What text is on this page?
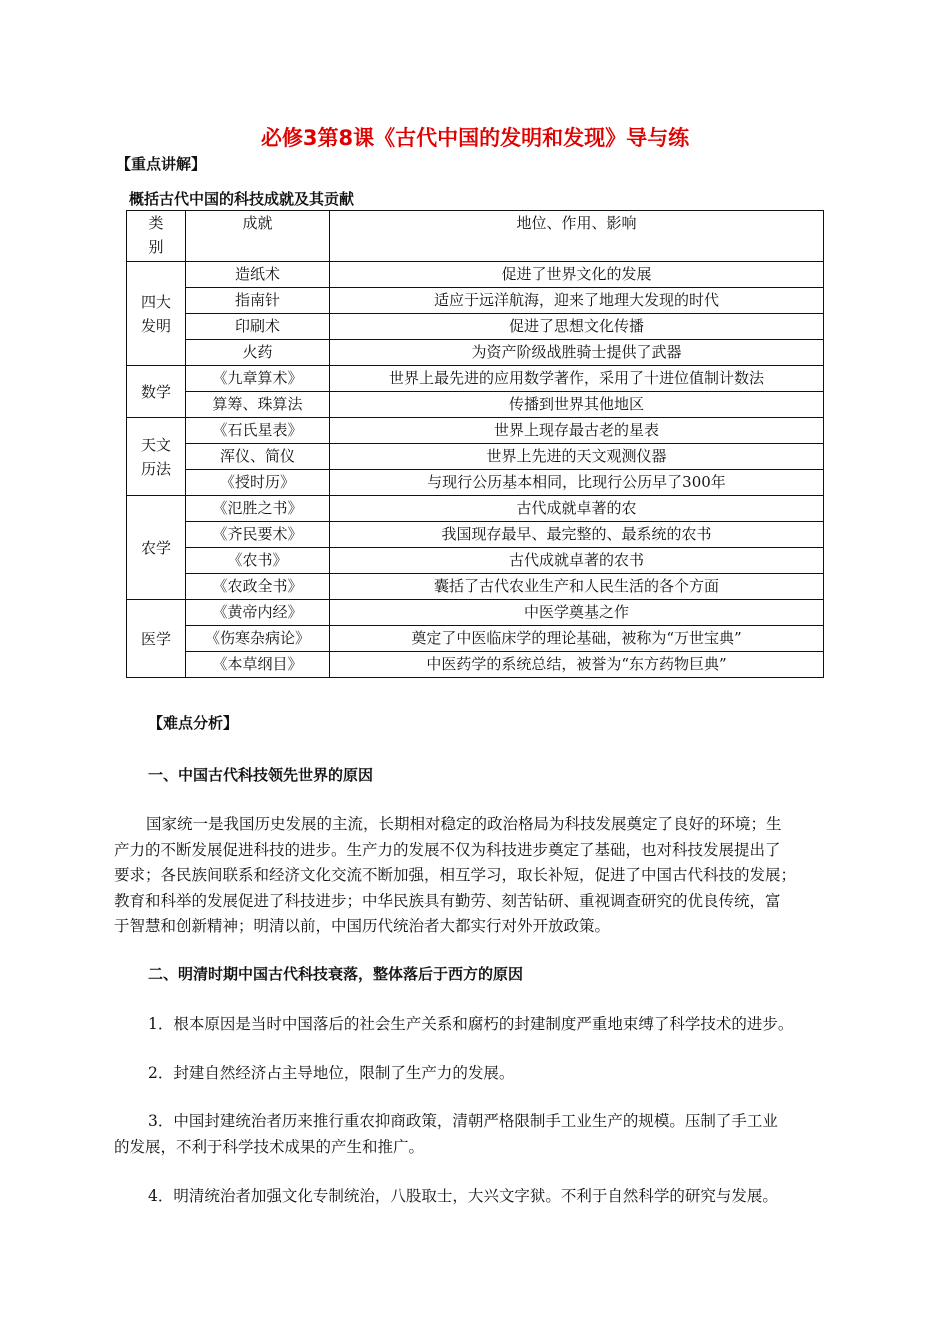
必修3第8课《古代中国的发明和发现》导与练
【重点讲解】
概括古代中国的科技成就及其贡献
类
别	成就	地位、作用、影响

四大
发明	造纸术	促进了世界文化的发展
	指南针	适应于远洋航海，迎来了地理大发现的时代
	印刷术	促进了思想文化传播
	火药	为资产阶级战胜骑士提供了武器

数学	《九章算术》	世界上最先进的应用数学著作，采用了十进位值制计数法
	算筹、珠算法	传播到世界其他地区

天文
历法	《石氏星表》	世界上现存最古老的星表
	浑仪、简仪	世界上先进的天文观测仪器
	《授时历》	与现行公历基本相同，比现行公历早了300年

农学	《氾胜之书》	古代成就卓著的农
	《齐民要术》	我国现存最早、最完整的、最系统的农书
	《农书》	古代成就卓著的农书
	《农政全书》	囊括了古代农业生产和人民生活的各个方面

医学	《黄帝内经》	中医学奠基之作
	《伤寒杂病论》	奠定了中医临床学的理论基础，被称为“万世宝典”
	《本草纲目》	中医药学的系统总结，被誉为“东方药物巨典”
【难点分析】
一、中国古代科技领先世界的原因
国家统一是我国历史发展的主流，长期相对稳定的政治格局为科技发展奠定了良好的环境；生
产力的不断发展促进科技的进步。生产力的发展不仅为科技进步奠定了基础，也对科技发展提出了
要求；各民族间联系和经济文化交流不断加强，相互学习，取长补短，促进了中国古代科技的发展；
教育和科举的发展促进了科技进步；中华民族具有勤劳、刻苦钻研、重视调查研究的优良传统，富
于智慧和创新精神；明清以前，中国历代统治者大都实行对外开放政策。
二、明清时期中国古代科技衰落，整体落后于西方的原因
1．根本原因是当时中国落后的社会生产关系和腐朽的封建制度严重地束缚了科学技术的进步。
2．封建自然经济占主导地位，限制了生产力的发展。
3．中国封建统治者历来推行重农抑商政策，清朝严格限制手工业生产的规模。压制了手工业
的发展，不利于科学技术成果的产生和推广。
4．明清统治者加强文化专制统治，八股取士，大兴文字狱。不利于自然科学的研究与发展。
